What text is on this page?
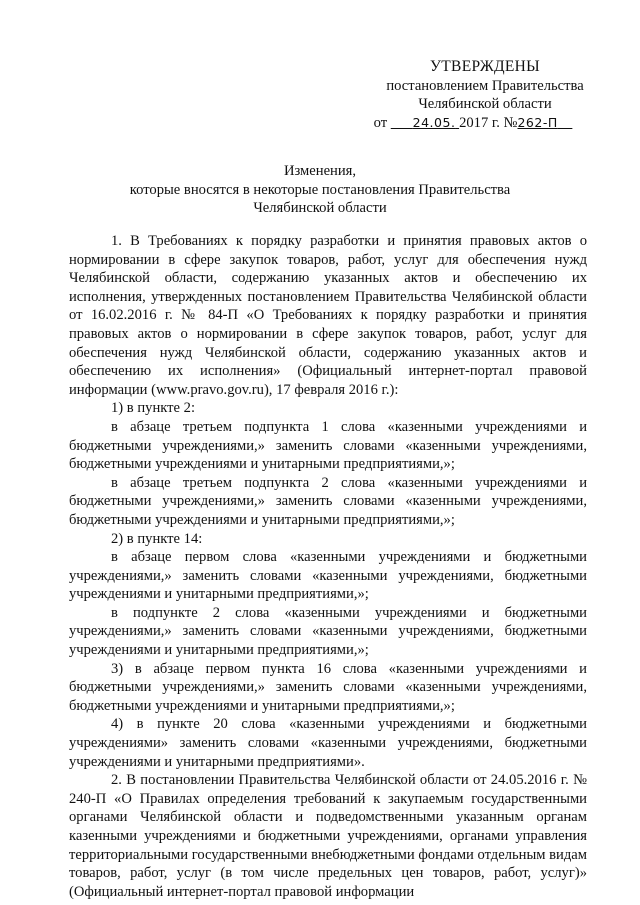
УТВЕРЖДЕНЫ
постановлением Правительства
Челябинской области
от 24.05. 2017 г. №262-П
Изменения,
которые вносятся в некоторые постановления Правительства
Челябинской области

1. В Требованиях к порядку разработки и принятия правовых актов о нормировании в сфере закупок товаров, работ, услуг для обеспечения нужд Челябинской области, содержанию указанных актов и обеспечению их исполнения, утвержденных постановлением Правительства Челябинской области от 16.02.2016 г. № 84-П «О Требованиях к порядку разработки и принятия правовых актов о нормировании в сфере закупок товаров, работ, услуг для обеспечения нужд Челябинской области, содержанию указанных актов и обеспечению их исполнения» (Официальный интернет-портал правовой информации (www.pravo.gov.ru), 17 февраля 2016 г.):

1) в пункте 2:

в абзаце третьем подпункта 1 слова «казенными учреждениями и бюджетными учреждениями,» заменить словами «казенными учреждениями, бюджетными учреждениями и унитарными предприятиями,»;

в абзаце третьем подпункта 2 слова «казенными учреждениями и бюджетными учреждениями,» заменить словами «казенными учреждениями, бюджетными учреждениями и унитарными предприятиями,»;

2) в пункте 14:

в абзаце первом слова «казенными учреждениями и бюджетными учреждениями,» заменить словами «казенными учреждениями, бюджетными учреждениями и унитарными предприятиями,»;

в подпункте 2 слова «казенными учреждениями и бюджетными учреждениями,» заменить словами «казенными учреждениями, бюджетными учреждениями и унитарными предприятиями,»;

3) в абзаце первом пункта 16 слова «казенными учреждениями и бюджетными учреждениями,» заменить словами «казенными учреждениями, бюджетными учреждениями и унитарными предприятиями,»;

4) в пункте 20 слова «казенными учреждениями и бюджетными учреждениями» заменить словами «казенными учреждениями, бюджетными учреждениями и унитарными предприятиями».

2. В постановлении Правительства Челябинской области от 24.05.2016 г. № 240-П «О Правилах определения требований к закупаемым государственными органами Челябинской области и подведомственными указанным органам казенными учреждениями и бюджетными учреждениями, органами управления территориальными государственными внебюджетными фондами отдельным видам товаров, работ, услуг (в том числе предельных цен товаров, работ, услуг)» (Официальный интернет-портал правовой информации
